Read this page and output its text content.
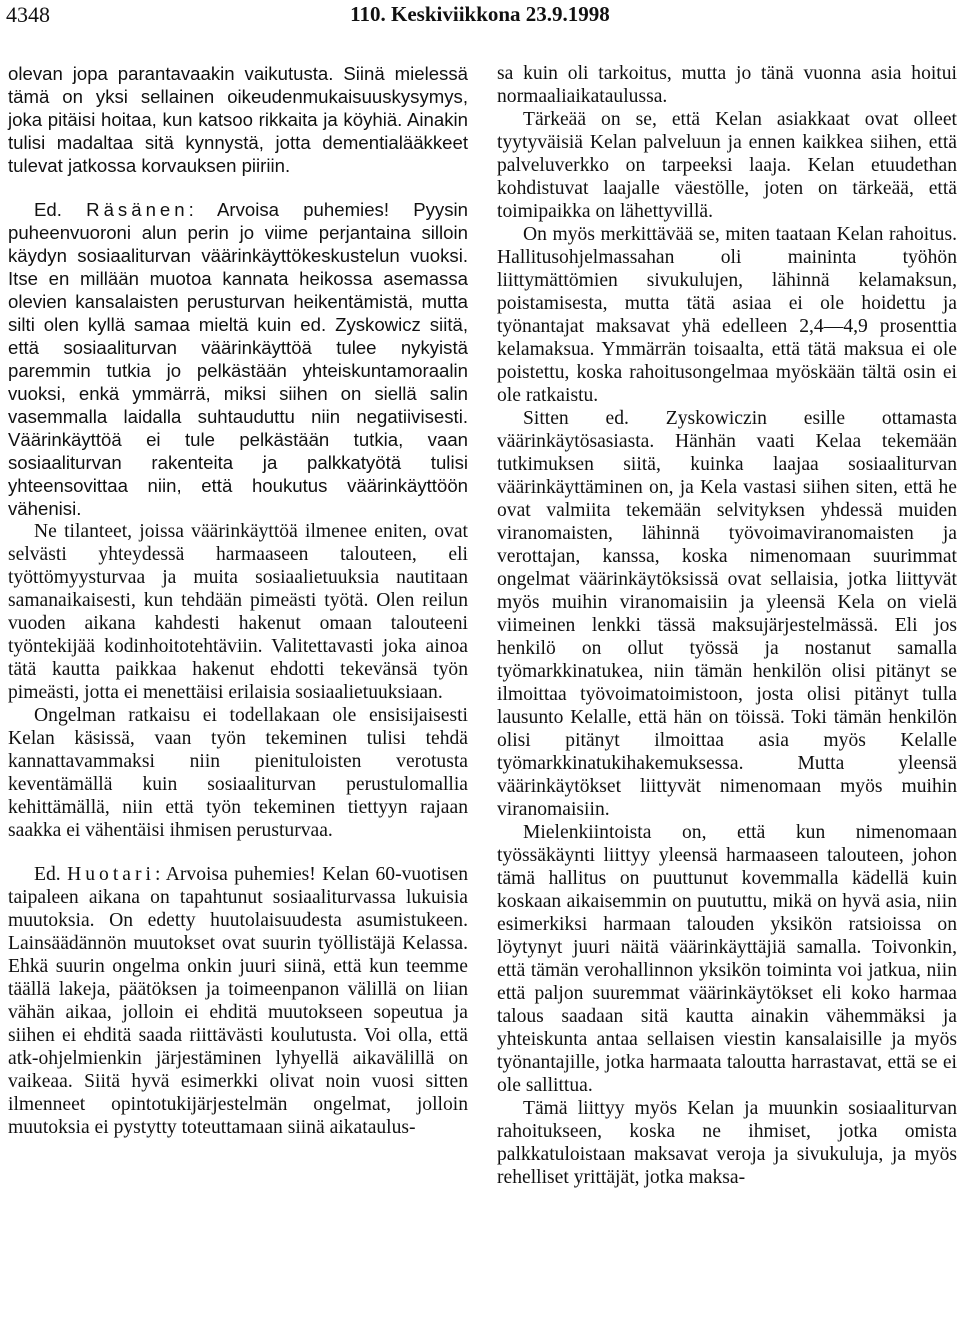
4348	110. Keskiviikkona 23.9.1998

olevan jopa parantavaakin vaikutusta. Siinä mielessä tämä on yksi sellainen oikeudenmukaisuuskysymys, joka pitäisi hoitaa, kun katsoo rikkaita ja köyhiä. Ainakin tulisi madaltaa sitä kynnystä, jotta dementialääkkeet tulevat jatkossa korvauksen piiriin.

Ed. Räsänen: Arvoisa puhemies! Pyysin puheenvuoroni alun perin jo viime perjantaina silloin käydyn sosiaaliturvan väärinkäyttökeskustelun vuoksi. Itse en millään muotoa kannata heikossa asemassa olevien kansalaisten perusturvan heikentämistä, mutta silti olen kyllä samaa mieltä kuin ed. Zyskowicz siitä, että sosiaaliturvan väärinkäyttöä tulee nykyistä paremmin tutkia jo pelkästään yhteiskuntamoraalin vuoksi, enkä ymmärrä, miksi siihen on siellä salin vasemmalla laidalla suhtauduttu niin negatiivisesti. Väärinkäyttöä ei tule pelkästään tutkia, vaan sosiaaliturvan rakenteita ja palkkatyötä tulisi yhteensovittaa niin, että houkutus väärinkäyttöön vähenisi.

Ne tilanteet, joissa väärinkäyttöä ilmenee eniten, ovat selvästi yhteydessä harmaaseen talouteen, eli työttömyysturvaa ja muita sosiaalietuuksia nautitaan samanaikaisesti, kun tehdään pimeästi työtä. Olen reilun vuoden aikana kahdesti hakenut omaan talouteeni työntekijää kodinhoitotehtäviin. Valitettavasti joka ainoa tätä kautta paikkaa hakenut ehdotti tekevänsä työn pimeästi, jotta ei menettäisi erilaisia sosiaalietuuksiaan.

Ongelman ratkaisu ei todellakaan ole ensisijaisesti Kelan käsissä, vaan työn tekeminen tulisi tehdä kannattavammaksi niin pienituloisten verotusta keventämällä kuin sosiaaliturvan perustulomallia kehittämällä, niin että työn tekeminen tiettyyn rajaan saakka ei vähentäisi ihmisen perusturvaa.

Ed. Huotari: Arvoisa puhemies! Kelan 60-vuotisen taipaleen aikana on tapahtunut sosiaaliturvassa lukuisia muutoksia. On edetty huutolaisuudesta asumistukeen. Lainsäädännön muutokset ovat suurin työllistäjä Kelassa. Ehkä suurin ongelma onkin juuri siinä, että kun teemme täällä lakeja, päätöksen ja toimeenpanon välillä on liian vähän aikaa, jolloin ei ehditä muutokseen sopeutua ja siihen ei ehditä saada riittävästi koulutusta. Voi olla, että atk-ohjelmienkin järjestäminen lyhyellä aikavälillä on vaikeaa. Siitä hyvä esimerkki olivat noin vuosi sitten ilmenneet opintotukijärjestelmän ongelmat, jolloin muutoksia ei pystytty toteuttamaan siinä aikataulus-

sa kuin oli tarkoitus, mutta jo tänä vuonna asia hoitui normaaliaikataulussa.

Tärkeää on se, että Kelan asiakkaat ovat olleet tyytyväisiä Kelan palveluun ja ennen kaikkea siihen, että palveluverkko on tarpeeksi laaja. Kelan etuudethan kohdistuvat laajalle väestölle, joten on tärkeää, että toimipaikka on lähettyvillä.

On myös merkittävää se, miten taataan Kelan rahoitus. Hallitusohjelmassahan oli maininta työhön liittymättömien sivukulujen, lähinnä kelamaksun, poistamisesta, mutta tätä asiaa ei ole hoidettu ja työnantajat maksavat yhä edelleen 2,4—4,9 prosenttia kelamaksua. Ymmärrän toisaalta, että tätä maksua ei ole poistettu, koska rahoitusongelmaa myöskään tältä osin ei ole ratkaistu.

Sitten ed. Zyskowiczin esille ottamasta väärinkäytösasiasta. Hänhän vaati Kelaa tekemään tutkimuksen siitä, kuinka laajaa sosiaaliturvan väärinkäyttäminen on, ja Kela vastasi siihen siten, että he ovat valmiita tekemään selvityksen yhdessä muiden viranomaisten, lähinnä työvoimaviranomaisten ja verottajan, kanssa, koska nimenomaan suurimmat ongelmat väärinkäytöksissä ovat sellaisia, jotka liittyvät myös muihin viranomaisiin ja yleensä Kela on vielä viimeinen lenkki tässä maksujärjestelmässä. Eli jos henkilö on ollut työssä ja nostanut samalla työmarkkinatukea, niin tämän henkilön olisi pitänyt se ilmoittaa työvoimatoimistoon, josta olisi pitänyt tulla lausunto Kelalle, että hän on töissä. Toki tämän henkilön olisi pitänyt ilmoittaa asia myös Kelalle työmarkkinatukihakemuksessa. Mutta yleensä väärinkäytökset liittyvät nimenomaan myös muihin viranomaisiin.

Mielenkiintoista on, että kun nimenomaan työssäkäynti liittyy yleensä harmaaseen talouteen, johon tämä hallitus on puuttunut kovemmalla kädellä kuin koskaan aikaisemmin on puututtu, mikä on hyvä asia, niin esimerkiksi harmaan talouden yksikön ratsioissa on löytynyt juuri näitä väärinkäyttäjiä samalla. Toivonkin, että tämän verohallinnon yksikön toiminta voi jatkua, niin että paljon suuremmat väärinkäytökset eli koko harmaa talous saadaan sitä kautta ainakin vähemmäksi ja yhteiskunta antaa sellaisen viestin kansalaisille ja myös työnantajille, jotka harmaata taloutta harrastavat, että se ei ole sallittua.

Tämä liittyy myös Kelan ja muunkin sosiaaliturvan rahoitukseen, koska ne ihmiset, jotka omista palkkatuloistaan maksavat veroja ja sivukuluja, ja myös rehelliset yrittäjät, jotka maksa-
